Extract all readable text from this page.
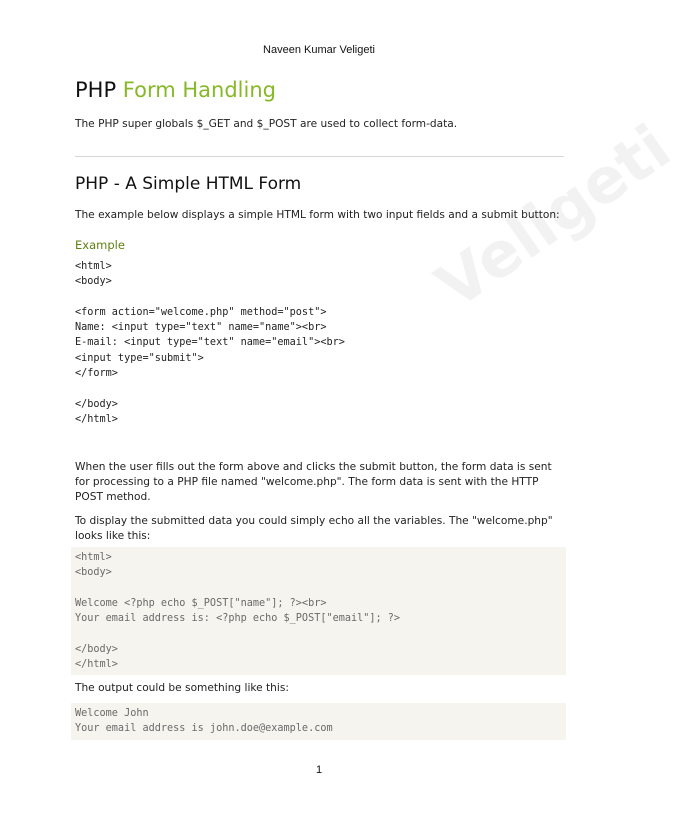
Veligeti
Naveen Kumar Veligeti
PHP Form Handling
The PHP super globals $_GET and $_POST are used to collect form-data.
PHP - A Simple HTML Form
The example below displays a simple HTML form with two input fields and a submit button:
Example
<html>
<body>

<form action="welcome.php" method="post">
Name: <input type="text" name="name"><br>
E-mail: <input type="text" name="email"><br>
<input type="submit">
</form>

</body>
</html>
When the user fills out the form above and clicks the submit button, the form data is sent for processing to a PHP file named "welcome.php". The form data is sent with the HTTP POST method.
To display the submitted data you could simply echo all the variables. The "welcome.php" looks like this:
<html>
<body>

Welcome <?php echo $_POST["name"]; ?><br>
Your email address is: <?php echo $_POST["email"]; ?>

</body>
</html>
The output could be something like this:
Welcome John
Your email address is john.doe@example.com
1
